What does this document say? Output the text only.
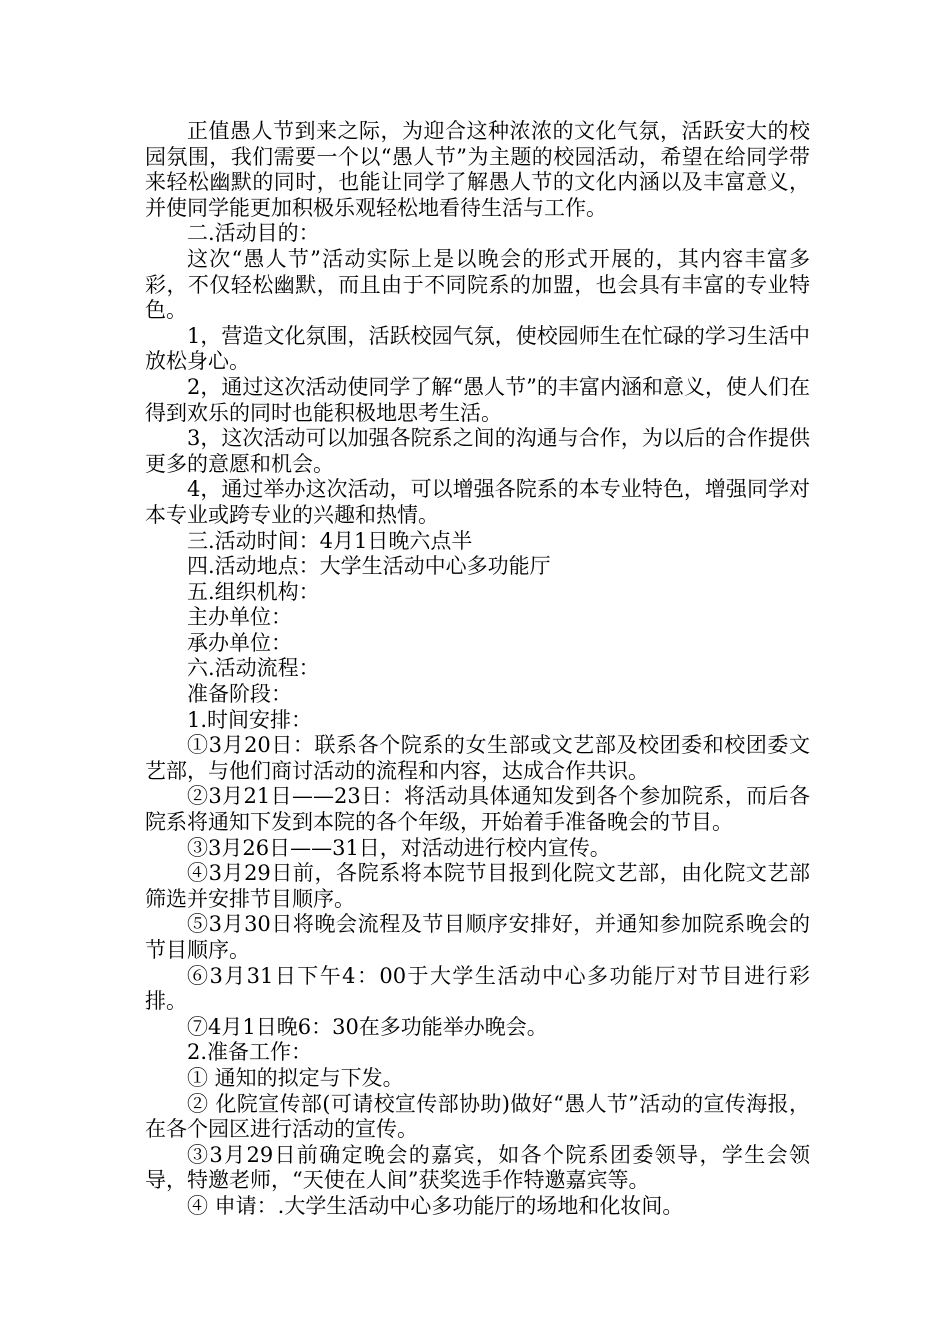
正值愚人节到来之际，为迎合这种浓浓的文化气氛，活跃安大的校园氛围，我们需要一个以“愚人节”为主题的校园活动，希望在给同学带来轻松幽默的同时，也能让同学了解愚人节的文化内涵以及丰富意义，并使同学能更加积极乐观轻松地看待生活与工作。

二.活动目的：

这次“愚人节”活动实际上是以晚会的形式开展的，其内容丰富多彩，不仅轻松幽默，而且由于不同院系的加盟，也会具有丰富的专业特色。

1，营造文化氛围，活跃校园气氛，使校园师生在忙碌的学习生活中放松身心。

2，通过这次活动使同学了解“愚人节”的丰富内涵和意义，使人们在得到欢乐的同时也能积极地思考生活。

3，这次活动可以加强各院系之间的沟通与合作，为以后的合作提供更多的意愿和机会。

4，通过举办这次活动，可以增强各院系的本专业特色，增强同学对本专业或跨专业的兴趣和热情。

三.活动时间：4月1日晚六点半

四.活动地点：大学生活动中心多功能厅

五.组织机构：

主办单位：

承办单位：

六.活动流程：

准备阶段：

1.时间安排：

①3月20日：联系各个院系的女生部或文艺部及校团委和校团委文艺部，与他们商讨活动的流程和内容，达成合作共识。

②3月21日——23日：将活动具体通知发到各个参加院系，而后各院系将通知下发到本院的各个年级，开始着手准备晚会的节目。

③3月26日——31日，对活动进行校内宣传。

④3月29日前，各院系将本院节目报到化院文艺部，由化院文艺部筛选并安排节目顺序。

⑤3月30日将晚会流程及节目顺序安排好，并通知参加院系晚会的节目顺序。

⑥3月31日下午4：00于大学生活动中心多功能厅对节目进行彩排。

⑦4月1日晚6：30在多功能举办晚会。

2.准备工作：

① 通知的拟定与下发。

② 化院宣传部(可请校宣传部协助)做好“愚人节”活动的宣传海报，在各个园区进行活动的宣传。

③3月29日前确定晚会的嘉宾，如各个院系团委领导，学生会领导，特邀老师，“天使在人间”获奖选手作特邀嘉宾等。

④ 申请：.大学生活动中心多功能厅的场地和化妆间。
